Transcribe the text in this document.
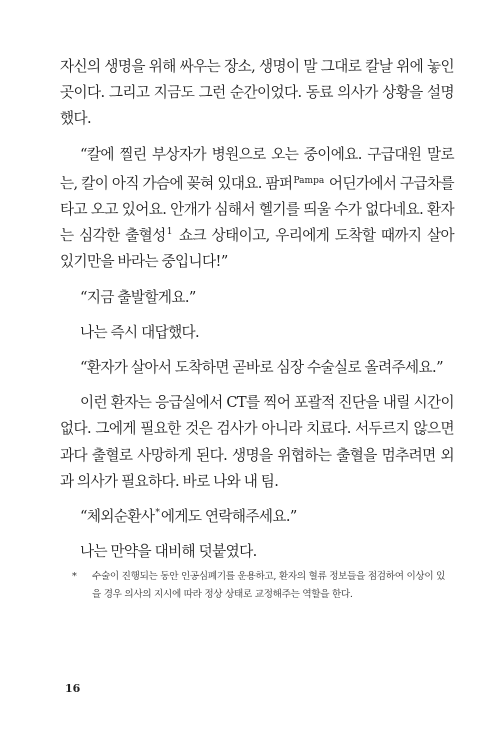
자신의 생명을 위해 싸우는 장소, 생명이 말 그대로 칼날 위에 놓인 곳이다. 그리고 지금도 그런 순간이었다. 동료 의사가 상황을 설명했다.

“칼에 찔린 부상자가 병원으로 오는 중이에요. 구급대원 말로는, 칼이 아직 가슴에 꽂혀 있대요. 팜퍼$^{Pampa}$ 어딘가에서 구급차를 타고 오고 있어요. 안개가 심해서 헬기를 띄울 수가 없다네요. 환자는 심각한 출혈성$^1$ 쇼크 상태이고, 우리에게 도착할 때까지 살아 있기만을 바라는 중입니다!”

“지금 출발할게요.”

나는 즉시 대답했다.

“환자가 살아서 도착하면 곧바로 심장 수술실로 올려주세요.”

이런 환자는 응급실에서 CT를 찍어 포괄적 진단을 내릴 시간이 없다. 그에게 필요한 것은 검사가 아니라 치료다. 서두르지 않으면 과다 출혈로 사망하게 된다. 생명을 위협하는 출혈을 멈추려면 외과 의사가 필요하다. 바로 나와 내 팀.

“체외순환사*에게도 연락해주세요.”

나는 만약을 대비해 덧붙였다.

* 수술이 진행되는 동안 인공심폐기를 운용하고, 환자의 혈류 정보들을 점검하여 이상이 있을 경우 의사의 지시에 따라 정상 상태로 교정해주는 역할을 한다.
16
